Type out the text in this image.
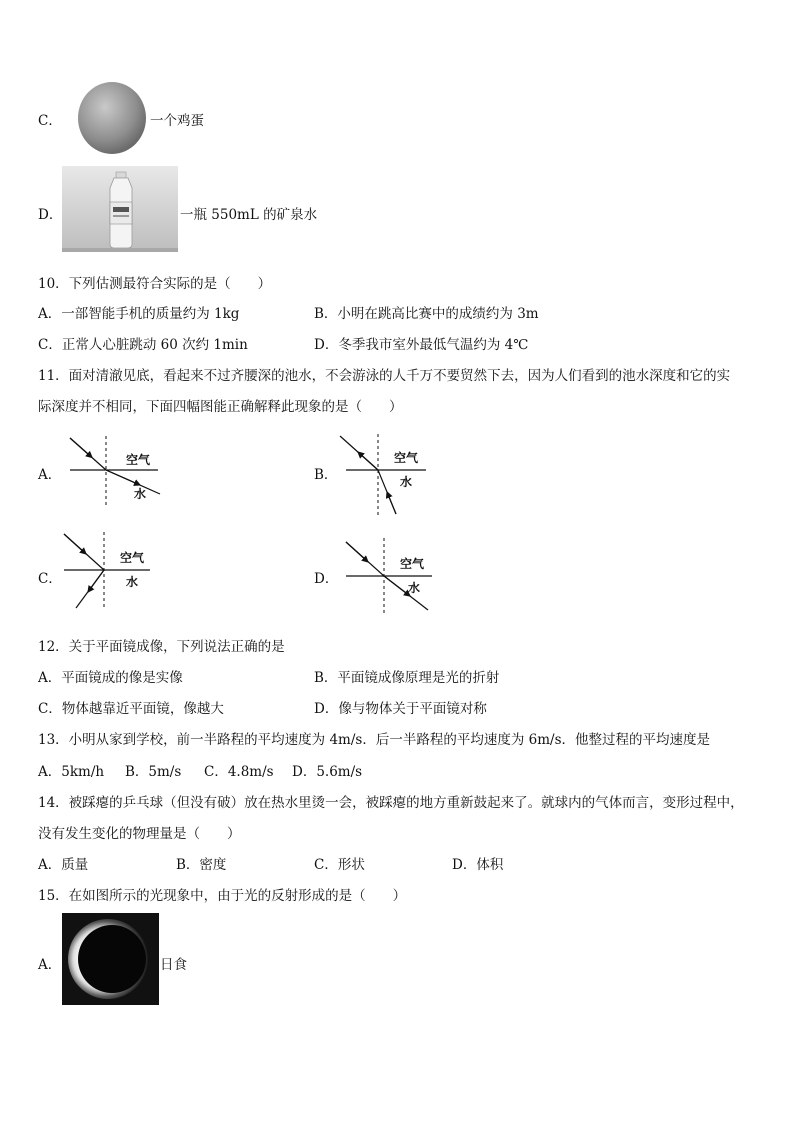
C．	一个鸡蛋
D．	一瓶 550mL 的矿泉水
10．下列估测最符合实际的是（　　）
A．一部智能手机的质量约为 1kg	B．小明在跳高比赛中的成绩约为 3m
C．正常人心脏跳动 60 次约 1min	D．冬季我市室外最低气温约为 4℃
11．面对清澈见底，看起来不过齐腰深的池水，不会游泳的人千万不要贸然下去，因为人们看到的池水深度和它的实
际深度并不相同，下面四幅图能正确解释此现象的是（　　）
A．
空气
水
B．
空气
水
C．
空气
水	D．
空气
水
12．关于平面镜成像，下列说法正确的是
A．平面镜成的像是实像	B．平面镜成像原理是光的折射
C．物体越靠近平面镜，像越大	D．像与物体关于平面镜对称
13．小明从家到学校，前一半路程的平均速度为 4m/s．后一半路程的平均速度为 6m/s．他整过程的平均速度是
A．5km/h B．5m/s C．4.8m/s D．5.6m/s
14．被踩瘪的乒乓球（但没有破）放在热水里烫一会，被踩瘪的地方重新鼓起来了。就球内的气体而言，变形过程中，
没有发生变化的物理量是（　　）
A．质量	B．密度	C．形状	D．体积
15．在如图所示的光现象中，由于光的反射形成的是（　　）
A．	日食
